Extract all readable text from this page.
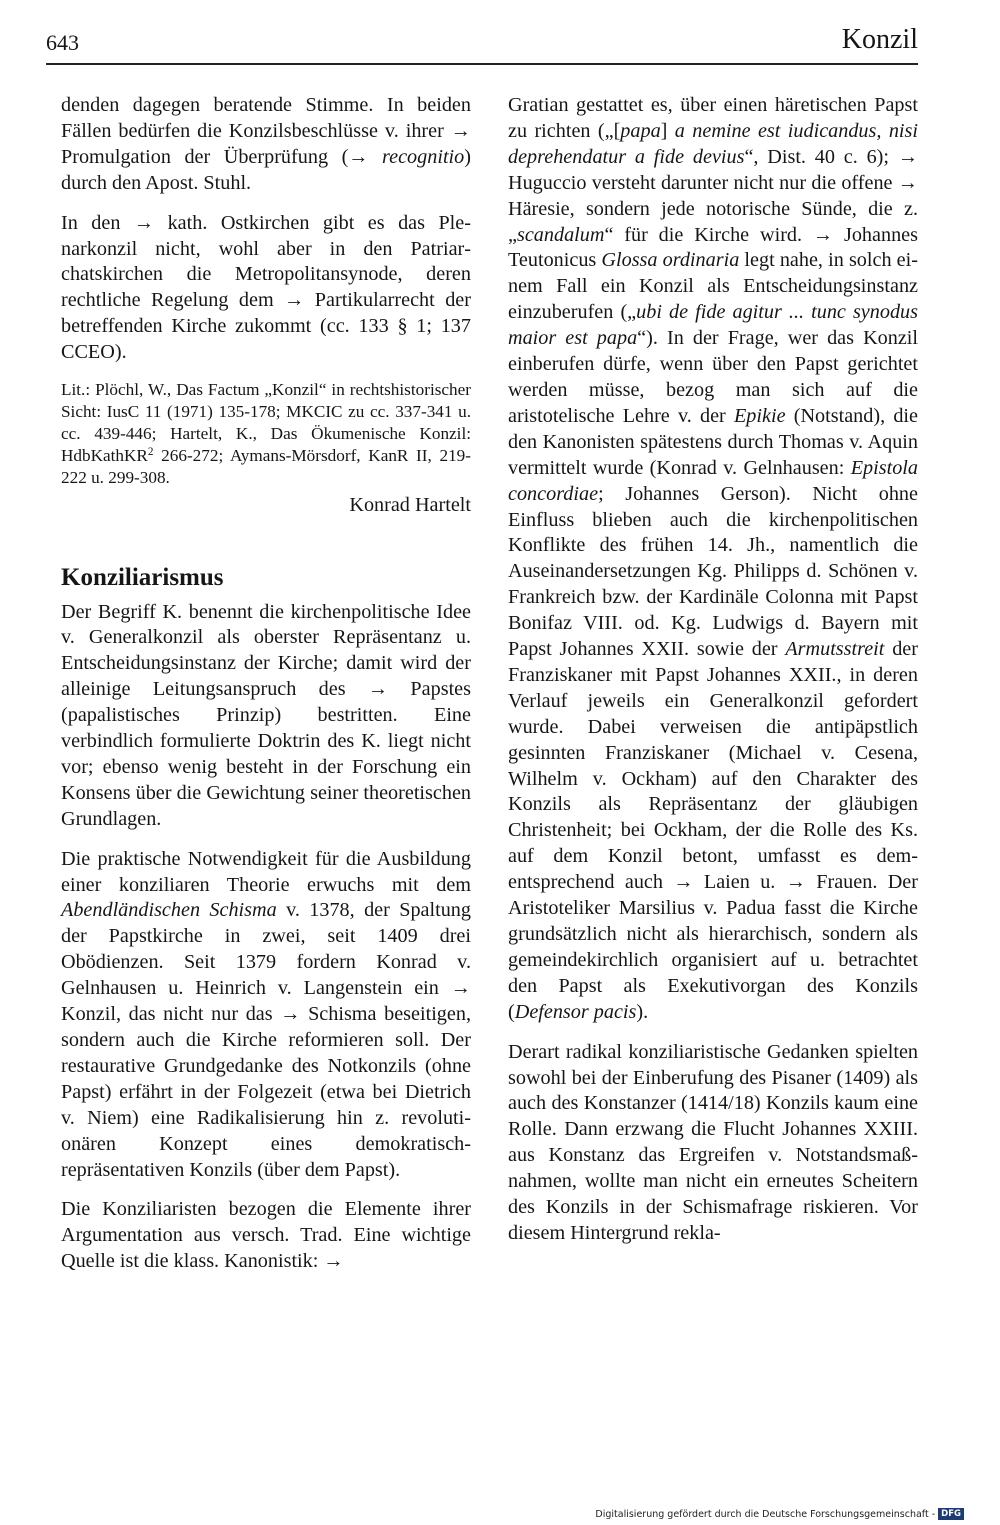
643	Konzil

denden dagegen beratende Stimme. In beiden Fällen bedürfen die Konzilsbeschlüsse v. ihrer → Promulgation der Überprüfung (→ recognitio) durch den Apost. Stuhl.

In den → kath. Ostkirchen gibt es das Plenarkonzil nicht, wohl aber in den Patriarchatskirchen die Metropolitansynode, deren rechtliche Regelung dem → Partikularrecht der betreffenden Kirche zukommt (cc. 133 § 1; 137 CCEO).

Lit.: Plöchl, W., Das Factum „Konzil“ in rechtshistorischer Sicht: IusC 11 (1971) 135-178; MKCIC zu cc. 337-341 u. cc. 439-446; Hartelt, K., Das Ökumenische Konzil: HdbKathKR$^2$ 266-272; Aymans-Mörsdorf, KanR II, 219-222 u. 299-308.

Konrad Hartelt

Konziliarismus

Der Begriff K. benennt die kirchenpolitische Idee v. Generalkonzil als oberster Repräsentanz u. Entscheidungsinstanz der Kirche; damit wird der alleinige Leitungsanspruch des → Papstes (papalistisches Prinzip) bestritten. Eine verbindlich formulierte Doktrin des K. liegt nicht vor; ebenso wenig besteht in der Forschung ein Konsens über die Gewichtung seiner theoretischen Grundlagen.

Die praktische Notwendigkeit für die Ausbildung einer konziliaren Theorie erwuchs mit dem Abendländischen Schisma v. 1378, der Spaltung der Papstkirche in zwei, seit 1409 drei Obödienzen. Seit 1379 fordern Konrad v. Gelnhausen u. Heinrich v. Langenstein ein → Konzil, das nicht nur das → Schisma beseitigen, sondern auch die Kirche reformieren soll. Der restaurative Grundgedanke des Notkonzils (ohne Papst) erfährt in der Folgezeit (etwa bei Dietrich v. Niem) eine Radikalisierung hin z. revolutionären Konzept eines demokratisch-repräsentativen Konzils (über dem Papst).

Die Konziliaristen bezogen die Elemente ihrer Argumentation aus versch. Trad. Eine wichtige Quelle ist die klass. Kanonistik: →

Gratian gestattet es, über einen häretischen Papst zu richten („[papa] a nemine est iudicandus, nisi deprehendatur a fide devius“, Dist. 40 c. 6); → Huguccio versteht darunter nicht nur die offene → Häresie, sondern jede notorische Sünde, die z. „scandalum“ für die Kirche wird. → Johannes Teutonicus Glossa ordinaria legt nahe, in solch einem Fall ein Konzil als Entscheidungsinstanz einzuberufen („ubi de fide agitur ... tunc synodus maior est papa“). In der Frage, wer das Konzil einberufen dürfe, wenn über den Papst gerichtet werden müsse, bezog man sich auf die aristotelische Lehre v. der Epikie (Notstand), die den Kanonisten spätestens durch Thomas v. Aquin vermittelt wurde (Konrad v. Gelnhausen: Epistola concordiae; Johannes Gerson). Nicht ohne Einfluss blieben auch die kirchenpolitischen Konflikte des frühen 14. Jh., namentlich die Auseinandersetzungen Kg. Philipps d. Schönen v. Frankreich bzw. der Kardinäle Colonna mit Papst Bonifaz VIII. od. Kg. Ludwigs d. Bayern mit Papst Johannes XXII. sowie der Armutsstreit der Franziskaner mit Papst Johannes XXII., in deren Verlauf jeweils ein Generalkonzil gefordert wurde. Dabei verweisen die antipäpstlich gesinnten Franziskaner (Michael v. Cesena, Wilhelm v. Ockham) auf den Charakter des Konzils als Repräsentanz der gläubigen Christenheit; bei Ockham, der die Rolle des Ks. auf dem Konzil betont, umfasst es dementsprechend auch → Laien u. → Frauen. Der Aristoteliker Marsilius v. Padua fasst die Kirche grundsätzlich nicht als hierarchisch, sondern als gemeindekirchlich organisiert auf u. betrachtet den Papst als Exekutivorgan des Konzils (Defensor pacis).

Derart radikal konziliaristische Gedanken spielten sowohl bei der Einberufung des Pisaner (1409) als auch des Konstanzer (1414/18) Konzils kaum eine Rolle. Dann erzwang die Flucht Johannes XXIII. aus Konstanz das Ergreifen v. Notstandsmaßnahmen, wollte man nicht ein erneutes Scheitern des Konzils in der Schismafrage riskieren. Vor diesem Hintergrund rekla-

Digitalisierung gefördert durch die Deutsche Forschungsgemeinschaft - DFG
